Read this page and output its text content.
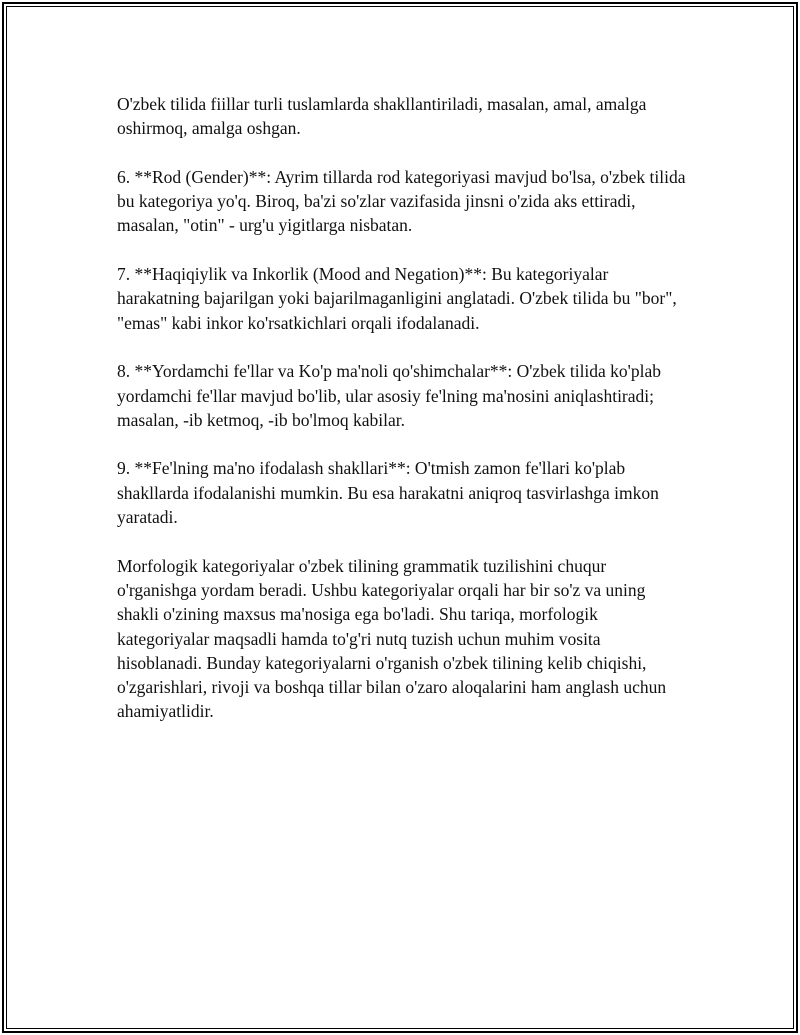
O'zbek tilida fiillar turli tuslamlarda shakllantiriladi, masalan, amal, amalga oshirmoq, amalga oshgan.

6. **Rod (Gender)**: Ayrim tillarda rod kategoriyasi mavjud bo'lsa, o'zbek tilida bu kategoriya yo'q. Biroq, ba'zi so'zlar vazifasida jinsni o'zida aks ettiradi, masalan, "otin" - urg'u yigitlarga nisbatan.

7. **Haqiqiylik va Inkorlik (Mood and Negation)**: Bu kategoriyalar harakatning bajarilgan yoki bajarilmaganligini anglatadi. O'zbek tilida bu "bor", "emas" kabi inkor ko'rsatkichlari orqali ifodalanadi.

8. **Yordamchi fe'llar va Ko'p ma'noli qo'shimchalar**: O'zbek tilida ko'plab yordamchi fe'llar mavjud bo'lib, ular asosiy fe'lning ma'nosini aniqlashtiradi; masalan, -ib ketmoq, -ib bo'lmoq kabilar.

9. **Fe'lning ma'no ifodalash shakllari**: O'tmish zamon fe'llari ko'plab shakllarda ifodalanishi mumkin. Bu esa harakatni aniqroq tasvirlashga imkon yaratadi.

Morfologik kategoriyalar o'zbek tilining grammatik tuzilishini chuqur o'rganishga yordam beradi. Ushbu kategoriyalar orqali har bir so'z va uning shakli o'zining maxsus ma'nosiga ega bo'ladi. Shu tariqa, morfologik kategoriyalar maqsadli hamda to'g'ri nutq tuzish uchun muhim vosita hisoblanadi. Bunday kategoriyalarni o'rganish o'zbek tilining kelib chiqishi, o'zgarishlari, rivoji va boshqa tillar bilan o'zaro aloqalarini ham anglash uchun ahamiyatlidir.
